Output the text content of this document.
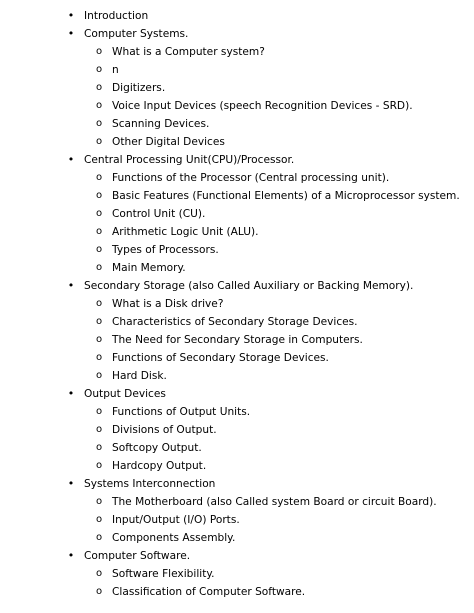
• Introduction
• Computer Systems.
o What is a Computer system?
o n
o Digitizers.
o Voice Input Devices (speech Recognition Devices - SRD).
o Scanning Devices.
o Other Digital Devices
• Central Processing Unit(CPU)/Processor.
o Functions of the Processor (Central processing unit).
o Basic Features (Functional Elements) of a Microprocessor system.
o Control Unit (CU).
o Arithmetic Logic Unit (ALU).
o Types of Processors.
o Main Memory.
• Secondary Storage (also Called Auxiliary or Backing Memory).
o What is a Disk drive?
o Characteristics of Secondary Storage Devices.
o The Need for Secondary Storage in Computers.
o Functions of Secondary Storage Devices.
o Hard Disk.
• Output Devices
o Functions of Output Units.
o Divisions of Output.
o Softcopy Output.
o Hardcopy Output.
• Systems Interconnection
o The Motherboard (also Called system Board or circuit Board).
o Input/Output (I/O) Ports.
o Components Assembly.
• Computer Software.
o Software Flexibility.
o Classification of Computer Software.
